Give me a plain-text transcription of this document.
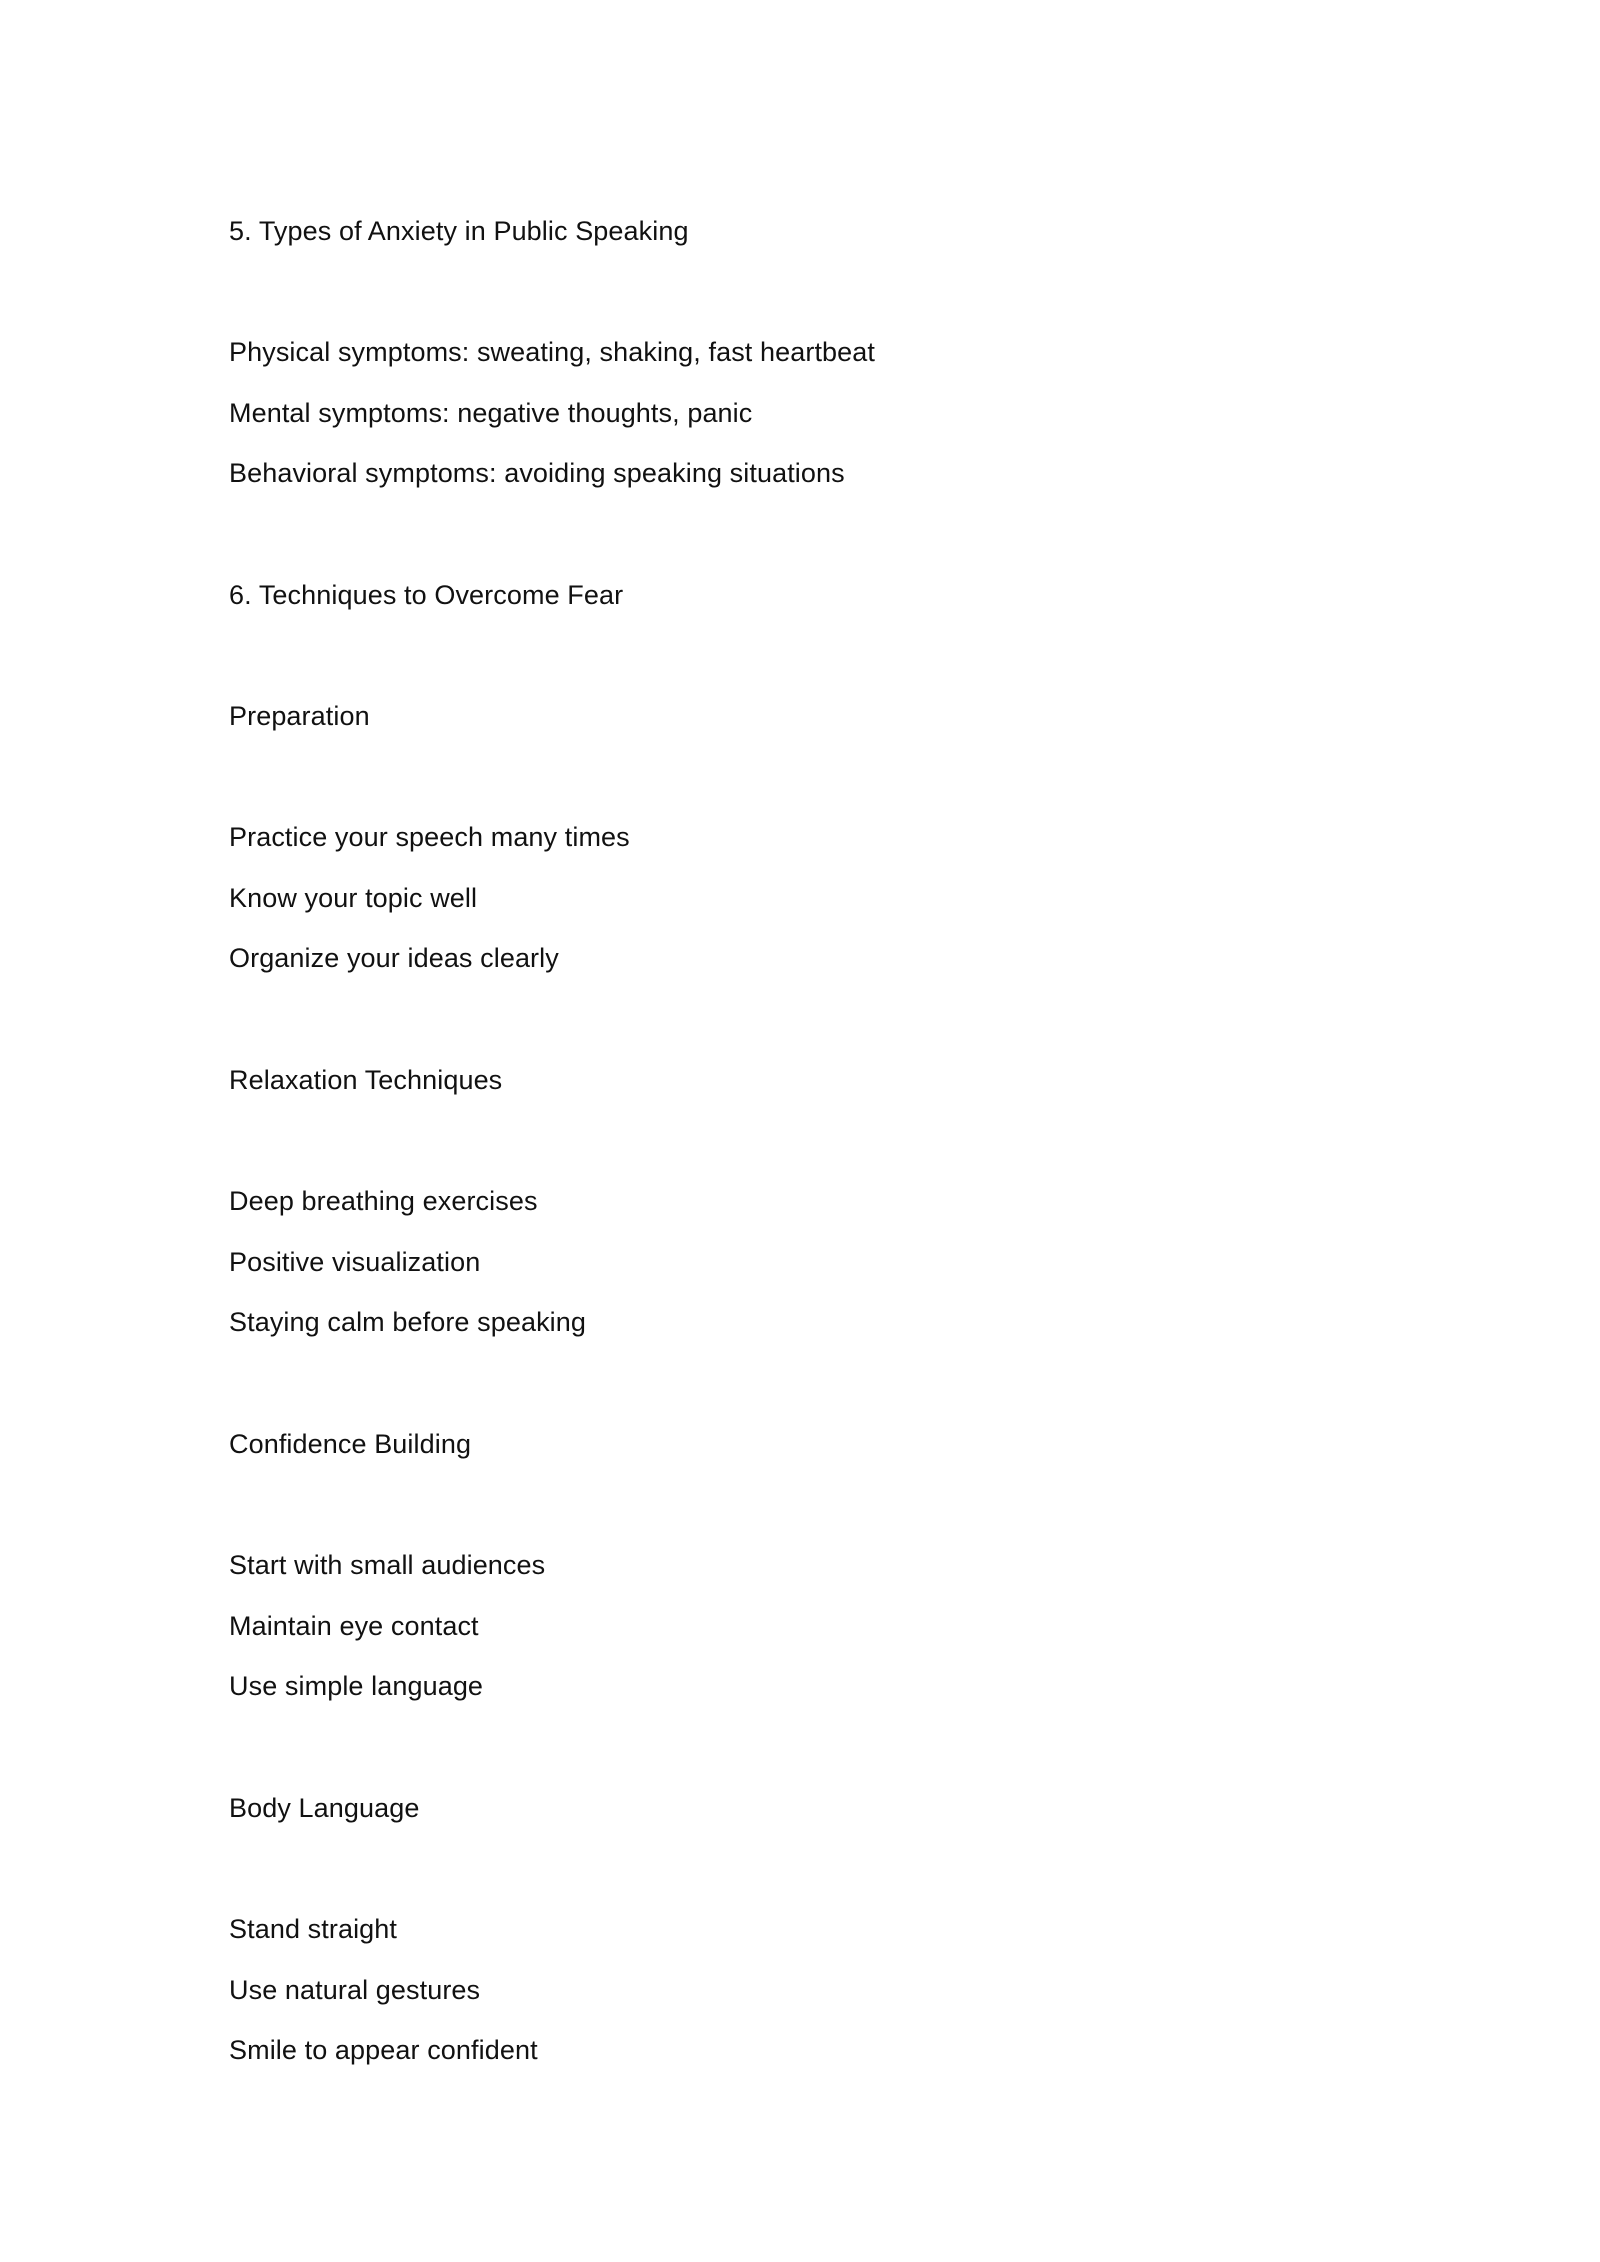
5. Types of Anxiety in Public Speaking
Physical symptoms: sweating, shaking, fast heartbeat
Mental symptoms: negative thoughts, panic
Behavioral symptoms: avoiding speaking situations
6. Techniques to Overcome Fear
Preparation
Practice your speech many times
Know your topic well
Organize your ideas clearly
Relaxation Techniques
Deep breathing exercises
Positive visualization
Staying calm before speaking
Confidence Building
Start with small audiences
Maintain eye contact
Use simple language
Body Language
Stand straight
Use natural gestures
Smile to appear confident
